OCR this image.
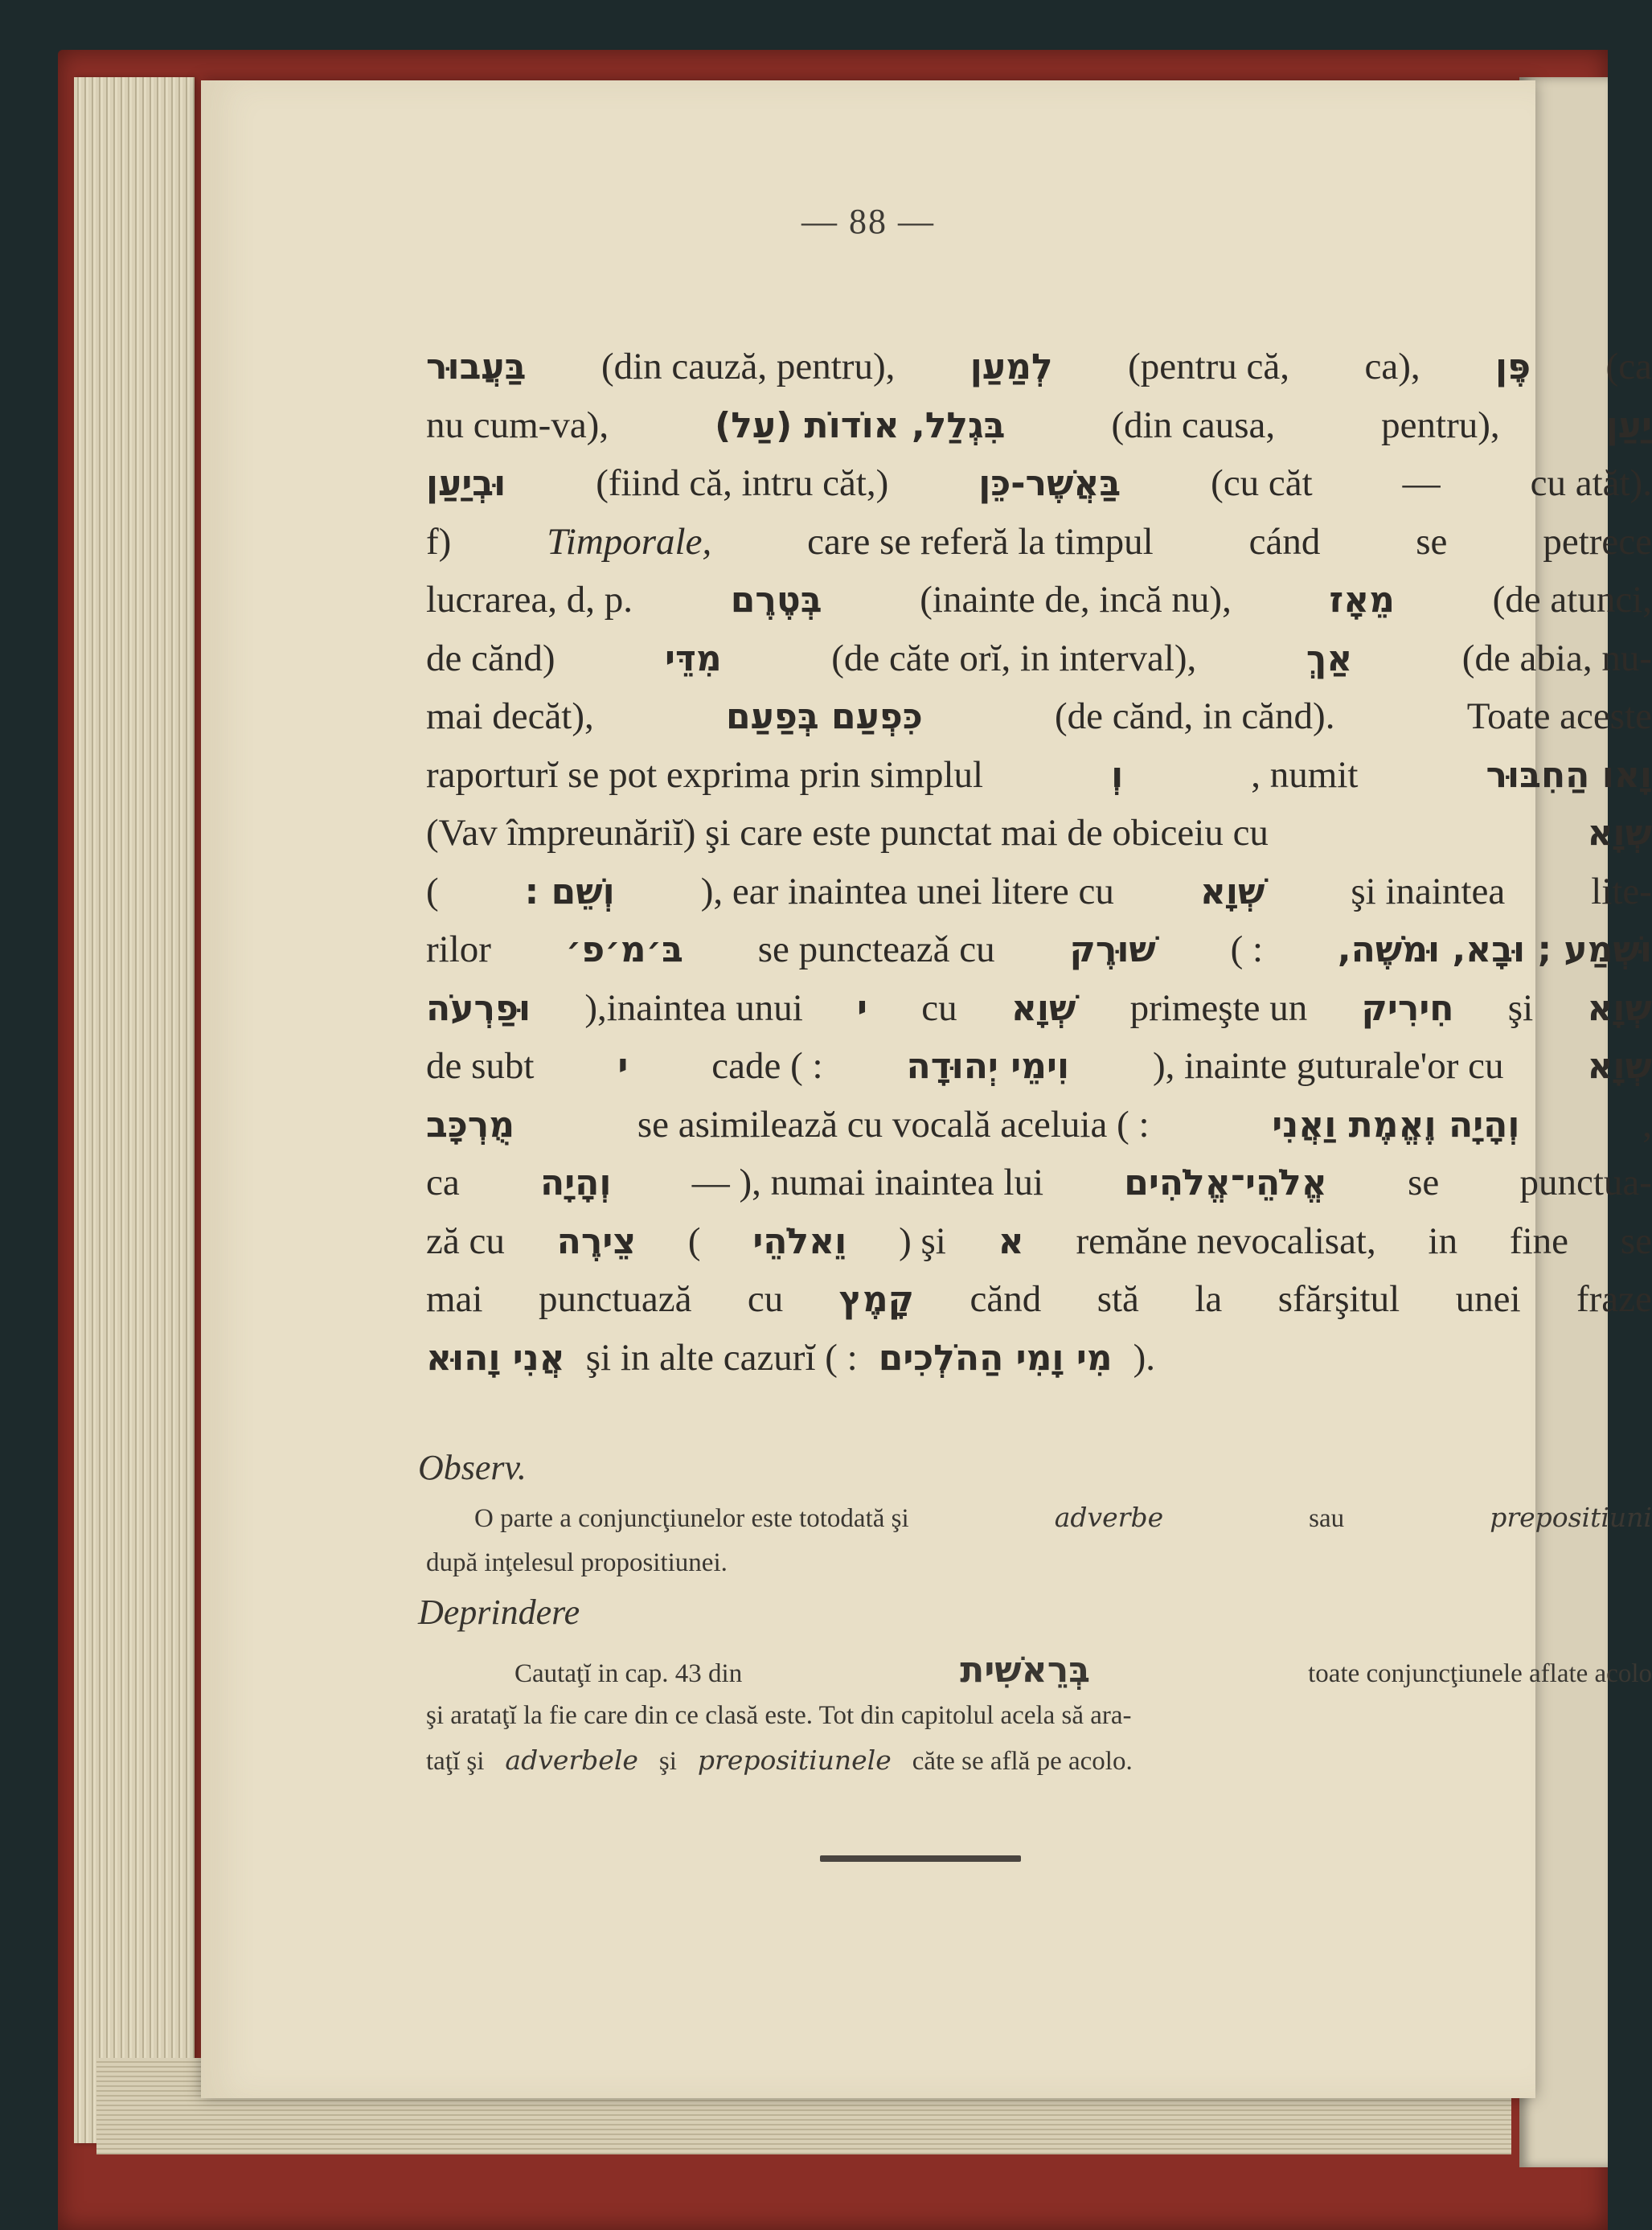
— 88 —
בַּעֲבוּר (din cauză, pentru), לְמַעַן (pentru că, ca), פֶּן (ca
nu cum-va),	בִּגְלַל, אוֹדוֹת (עַל)	(din causa,	pentru),	יַעַן
וּבְיַעַן (fiind că, intru căt,)	בַּאֲשֶׁר-כֵּן (cu căt — cu atăt).
f)	Timporale,	care se referă la timpul	cánd	se	petrece
lucrarea, d, p.	בְּטֶרֶם	(inainte de, incă nu),	מֵאָז	(de atunci,
de cănd)	מִדֵּי	(de căte orĭ, in interval),	אַךְ	(de abia, nu-
mai decăt),	כִּפְעַם בְּפַעַם	(de cănd, in cănd).	Toate aceste
raporturĭ se pot exprima prin simplul	וְ	, numit	וָאו הַחִבּוּר
(Vav împreunăriĭ) şi care este punctat mai de obiceiu cu	שְׁוָא
( וְשֵׁם : ), ear inaintea unei litere cu שְׁוָא şi inaintea lite-
rilor בּ׳מ׳פ׳ se puncteazǎ cu שׁוּרֶק ( : וּשְׁמַע ; וּבָא, וּמֹשֶׁה,
וּפַרְעֹה ),inaintea unui י cu שְׁוָא primeşte un חִירִיק şi שְׁוָא
de subt י cade ( : וִימֵי יְהוּדָה ), inainte guturale'or cu שְׁוָא
מֻרְכָּב	se asimilează cu vocală aceluia ( :	וְהָיָה וֶאֱמֶת וַאֲנִי	,
ca וְהָיָה — ), numai inaintea lui אֱלֹהֵי־אֱלֹהִים se punctua-
ză cu צֵירֶה ( וֵאלֹהֵי ) şi א remăne nevocalisat, in fine se
mai punctuază cu קָמֶץ cănd stă la sfărşitul unei fraze
אֲנִי וָהוּא şi in alte cazurĭ ( : מִי וָמִי הַהֹלְכִים ).
Observ.
O parte a conjuncţiunelor este totodată şi	adverbe	sau	prepositiuni
după inţelesul propositiunei.
Deprindere
Cautaţĭ in cap. 43 din	בְּרֵאשִׁית	toate conjuncţiunele aflate acolo
şi arataţĭ la fie care din ce clasă este. Tot din capitolul acela să ara-
taţĭ şi adverbele şi prepositiunele căte se află pe acolo.
